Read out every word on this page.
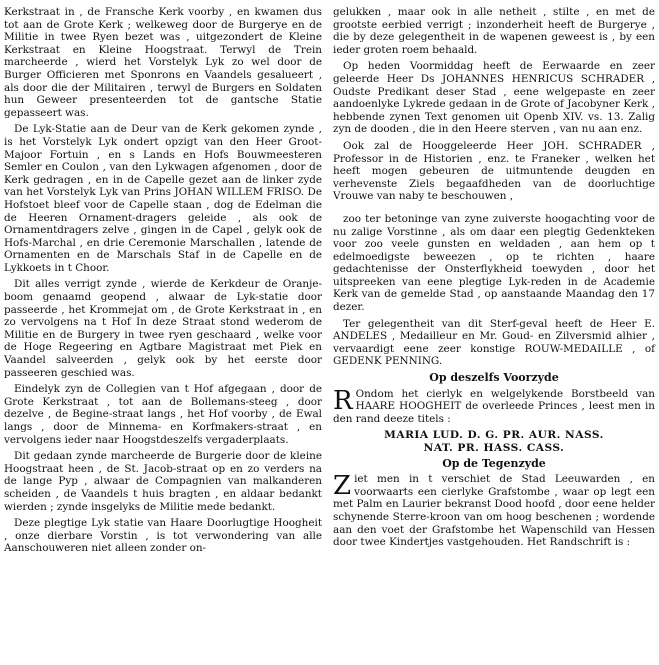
Kerkstraat in , de Fransche Kerk voorby , en kwamen dus tot aan de Grote Kerk ; welkeweg door de Burgerye en de Militie in twee Ryen bezet was , uitgezondert de Kleine Kerkstraat en Kleine Hoogstraat. Terwyl de Trein marcheerde , wierd het Vorstelyk Lyk zo wel door de Burger Officieren met Sponrons en Vaandels gesalueert , als door die der Militairen , terwyl de Burgers en Soldaten hun Geweer presenteerden tot de gantsche Statie gepasseert was.

De Lyk-Statie aan de Deur van de Kerk gekomen zynde , is het Vorstelyk Lyk ondert opzigt van den Heer Groot-Majoor Fortuin , en s Lands en Hofs Bouwmeesteren Semler en Coulon , van den Lykwagen afgenomen , door de Kerk gedragen , en in de Capelle gezet aan de linker zyde van het Vorstelyk Lyk van Prins JOHAN WILLEM FRISO. De Hofstoet bleef voor de Capelle staan , dog de Edelman die de Heeren Ornament-dragers geleide , als ook de Ornamentdragers zelve , gingen in de Capel , gelyk ook de Hofs-Marchal , en drie Ceremonie Marschallen , latende de Ornamenten en de Marschals Staf in de Capelle en de Lykkoets in t Choor.

Dit alles verrigt zynde , wierde de Kerkdeur de Oranje-boom genaamd geopend , alwaar de Lyk-statie door passeerde , het Krommejat om , de Grote Kerkstraat in , en zo vervolgens na t Hof In deze Straat stond wederom de Militie en de Burgery in twee ryen geschaard , welke voor de Hoge Regeering en Agtbare Magistraat met Piek en Vaandel salveerden , gelyk ook by het eerste door passeeren geschied was.

Eindelyk zyn de Collegien van t Hof afgegaan , door de Grote Kerkstraat , tot aan de Bollemans-steeg , door dezelve , de Begine-straat langs , het Hof voorby , de Ewal langs , door de Minnema- en Korfmakers-straat , en vervolgens ieder naar Hoogstdeszelfs vergaderplaats.

Dit gedaan zynde marcheerde de Burgerie door de kleine Hoogstraat heen , de St. Jacob-straat op en zo verders na de lange Pyp , alwaar de Compagnien van malkanderen scheiden , de Vaandels t huis bragten , en aldaar bedankt wierden ; zynde insgelyks de Militie mede bedankt.

Deze plegtige Lyk statie van Haare Doorlugtige Hoogheit , onze dierbare Vorstin , is tot verwondering van alle Aanschouweren niet alleen zonder on-

gelukken , maar ook in alle netheit , stilte , en met de grootste eerbied verrigt ; inzonderheit heeft de Burgerye , die by deze gelegentheit in de wapenen geweest is , by een ieder groten roem behaald.

Op heden Voormiddag heeft de Eerwaarde en zeer geleerde Heer Ds JOHANNES HENRICUS SCHRADER , Oudste Predikant deser Stad , eene welgepaste en zeer aandoenlyke Lykrede gedaan in de Grote of Jacobyner Kerk , hebbende zynen Text genomen uit Openb XIV. vs. 13. Zalig zyn de dooden , die in den Heere sterven , van nu aan enz.

Ook zal de Hooggeleerde Heer JOH. SCHRADER , Professor in de Historien , enz. te Franeker , welken het heeft mogen gebeuren de uitmuntende deugden en verhevenste Ziels begaafdheden van de doorluchtige Vrouwe van naby te beschouwen ,

zoo ter betoninge van zyne zuiverste hoogachting voor de nu zalige Vorstinne , als om daar een plegtig Gedenkteken voor zoo veele gunsten en weldaden , aan hem op t edelmoedigste beweezen , op te richten , haare gedachtenisse der Onsterflykheid toewyden , door het uitspreeken van eene plegtige Lyk-reden in de Academie Kerk van de gemelde Stad , op aanstaande Maandag den 17 dezer.

Ter gelegentheit van dit Sterf-geval heeft de Heer E. ANDELES , Medailleur en Mr. Goud- en Zilversmid alhier , vervaardigt eene zeer konstige ROUW-MEDAILLE , of GEDENK PENNING.

Op deszelfs Voorzyde

R Ondom het cierlyk en welgelykende Borstbeeld van HAARE HOOGHEIT de overleede Princes , leest men in den rand deeze titels :

MARIA LUD. D. G. PR. AUR. NASS.
NAT. PR. HASS. CASS.
Op de Tegenzyde

Ziet men in t verschiet de Stad Leeuwarden , en voorwaarts een cierlyke Grafstombe , waar op legt een met Palm en Laurier bekranst Dood hoofd , door eene helder schynende Sterre-kroon van om hoog beschenen ; wordende aan den voet der Grafstombe het Wapenschild van Hessen door twee Kindertjes vastgehouden. Het Randschrift is :
